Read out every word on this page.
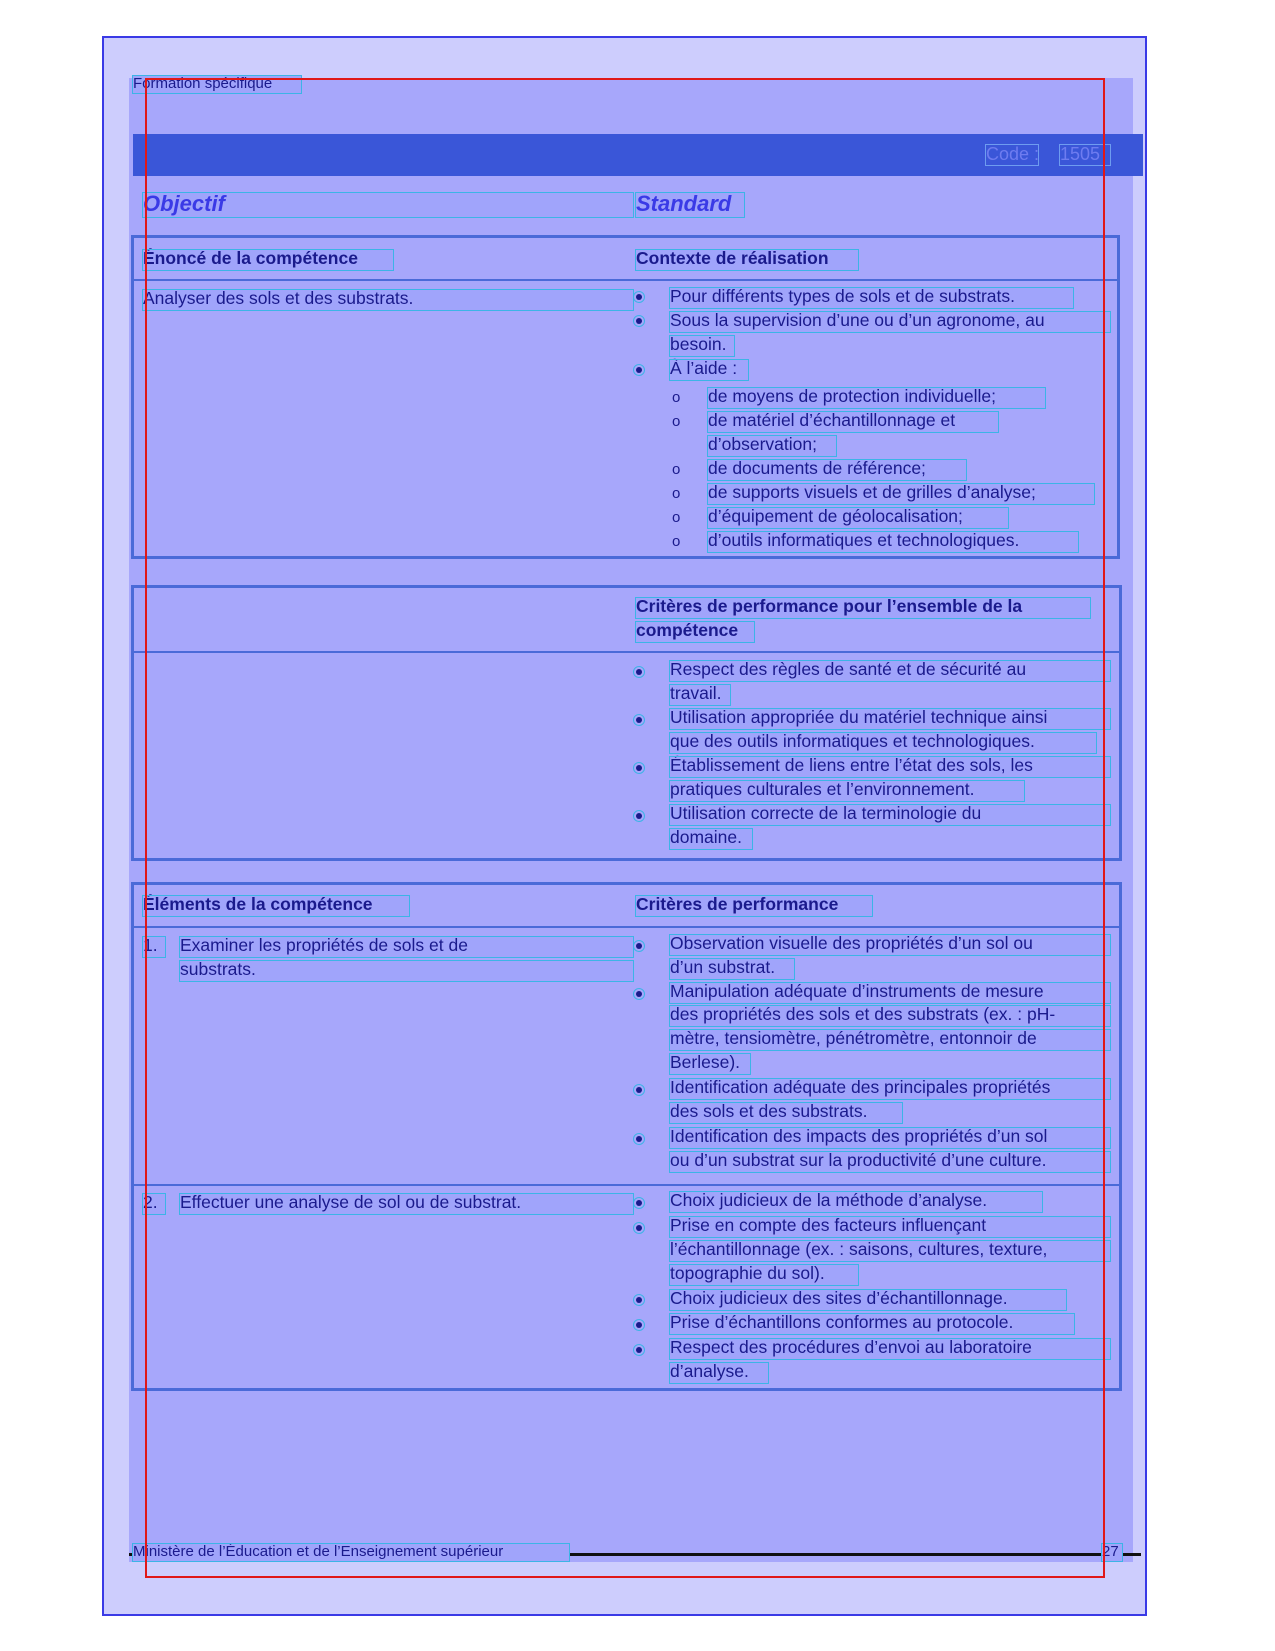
Formation spécifique
Code : 1505
Objectif	Standard
Énoncé de la compétence	Contexte de réalisation
Analyser des sols et des substrats.	Pour différents types de sols et de substrats.
Sous la supervision d’une ou d’un agronome, au
besoin.
À l’aide :
o de moyens de protection individuelle;
o de matériel d’échantillonnage et
d’observation;
o de documents de référence;
o de supports visuels et de grilles d’analyse;
o d’équipement de géolocalisation;
o d’outils informatiques et technologiques.
Critères de performance pour l’ensemble de la
compétence
Respect des règles de santé et de sécurité au
travail.
Utilisation appropriée du matériel technique ainsi
que des outils informatiques et technologiques.
Établissement de liens entre l’état des sols, les
pratiques culturales et l’environnement.
Utilisation correcte de la terminologie du
domaine.
Éléments de la compétence	Critères de performance
1.	Examiner les propriétés de sols et de
substrats.
Observation visuelle des propriétés d’un sol ou
d’un substrat.
Manipulation adéquate d’instruments de mesure
des propriétés des sols et des substrats (ex. : pH-
mètre, tensiomètre, pénétromètre, entonnoir de
Berlese).
Identification adéquate des principales propriétés
des sols et des substrats.
Identification des impacts des propriétés d’un sol
ou d’un substrat sur la productivité d’une culture.
2.	Effectuer une analyse de sol ou de substrat.	Choix judicieux de la méthode d’analyse.
Prise en compte des facteurs influençant
l’échantillonnage (ex. : saisons, cultures, texture,
topographie du sol).
Choix judicieux des sites d’échantillonnage.
Prise d’échantillons conformes au protocole.
Respect des procédures d’envoi au laboratoire
d’analyse.
Ministère de l’Éducation et de l’Enseignement supérieur	27
